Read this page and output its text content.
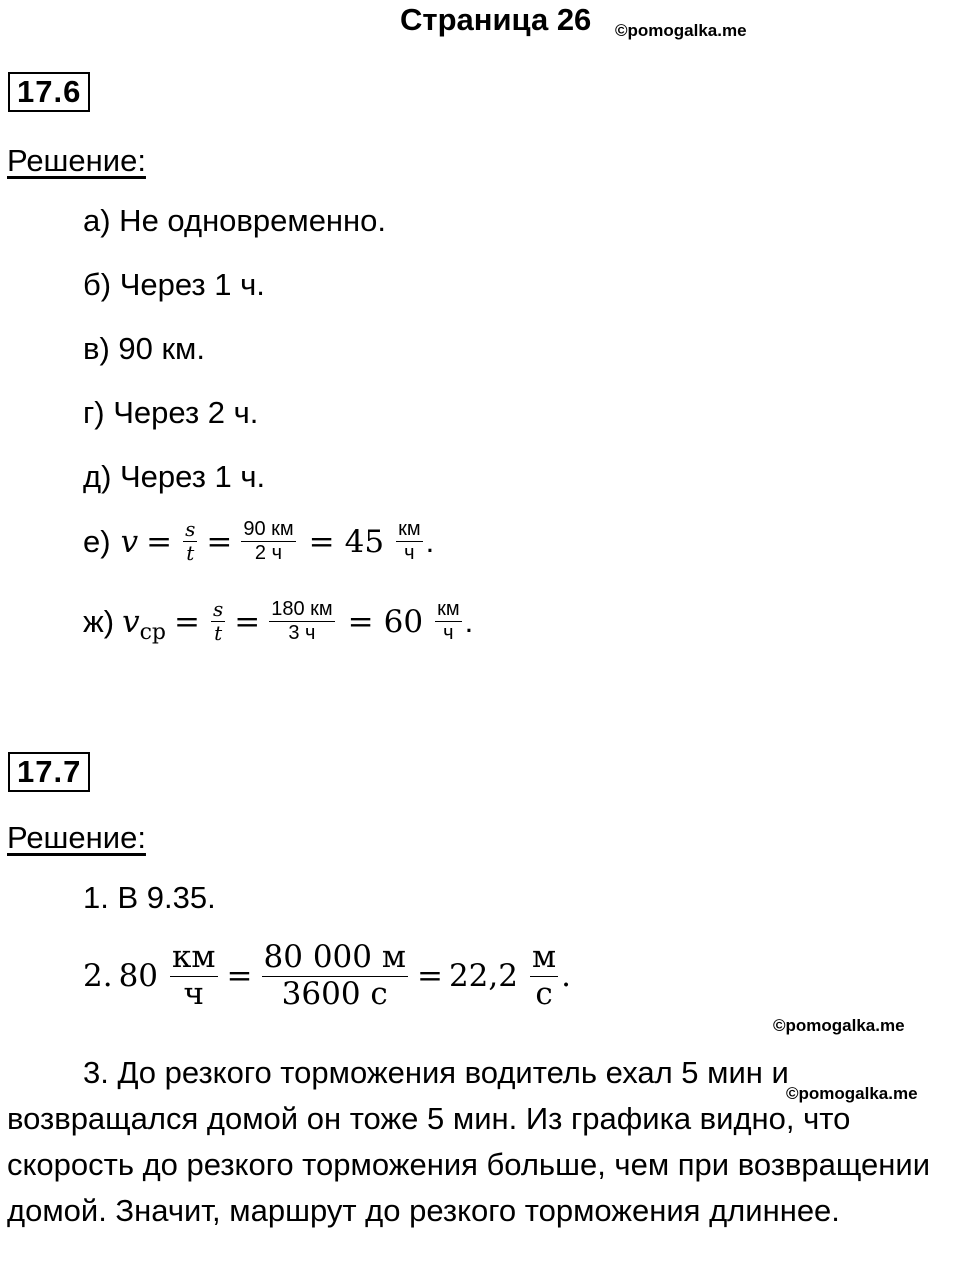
Страница 26 ©pomogalka.me
17.6
Решение:
а) Не одновременно.
б) Через 1 ч.
в) 90 км.
г) Через 2 ч.
д) Через 1 ч.
е) $v = \frac{s}{t} = \frac{90 км}{2 ч} = 45 \frac{км}{ч}$ .
ж) v ср = $\frac{s}{t} = \frac{180 км}{3 ч} = 60 \frac{км}{ч}$ .
17.7
Решение:
1. В 9.35.
2. $80 \frac{км}{ч} = \frac{80 000 м}{3600 с} = 22,2 \frac{м}{с}$ .
©pomogalka.me
3. До резкого торможения водитель ехал 5 мин и возвращался домой он тоже 5 мин. Из графика видно, что скорость до резкого торможения больше, чем при возвращении домой. Значит, маршрут до резкого торможения длиннее.
©pomogalka.me
